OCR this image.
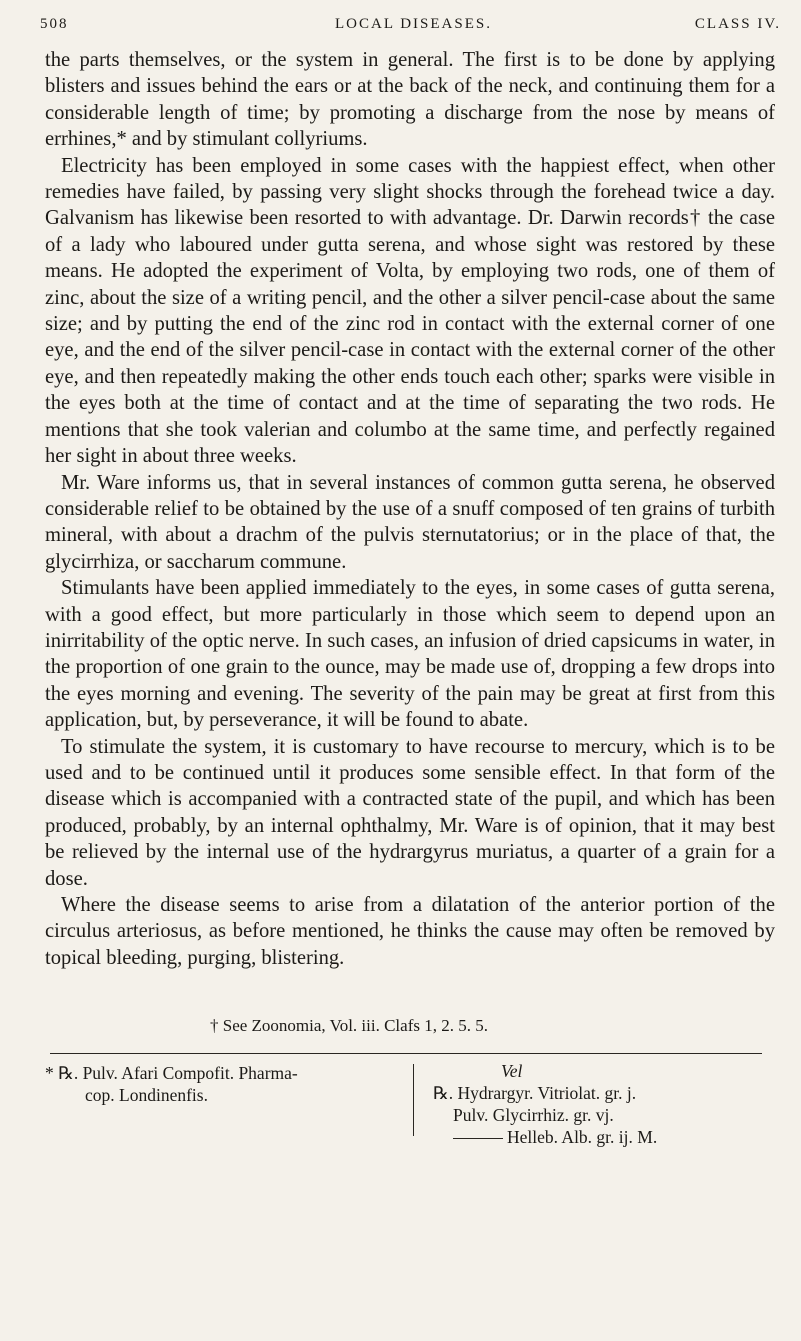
508	LOCAL DISEASES.	CLASS IV.

the parts themselves, or the system in general. The first is to be done by applying blisters and issues behind the ears or at the back of the neck, and continuing them for a considerable length of time; by promoting a discharge from the nose by means of errhines,* and by stimulant collyriums.

Electricity has been employed in some cases with the happiest effect, when other remedies have failed, by passing very slight shocks through the forehead twice a day. Galvanism has likewise been resorted to with advantage. Dr. Darwin records† the case of a lady who laboured under gutta serena, and whose sight was restored by these means. He adopted the experiment of Volta, by employing two rods, one of them of zinc, about the size of a writing pencil, and the other a silver pencil-case about the same size; and by putting the end of the zinc rod in contact with the external corner of one eye, and the end of the silver pencil-case in contact with the external corner of the other eye, and then repeatedly making the other ends touch each other; sparks were visible in the eyes both at the time of contact and at the time of separating the two rods. He mentions that she took valerian and columbo at the same time, and perfectly regained her sight in about three weeks.

Mr. Ware informs us, that in several instances of common gutta serena, he observed considerable relief to be obtained by the use of a snuff composed of ten grains of turbith mineral, with about a drachm of the pulvis sternutatorius; or in the place of that, the glycirrhiza, or saccharum commune.

Stimulants have been applied immediately to the eyes, in some cases of gutta serena, with a good effect, but more particularly in those which seem to depend upon an inirritability of the optic nerve. In such cases, an infusion of dried capsicums in water, in the proportion of one grain to the ounce, may be made use of, dropping a few drops into the eyes morning and evening. The severity of the pain may be great at first from this application, but, by perseverance, it will be found to abate.

To stimulate the system, it is customary to have recourse to mercury, which is to be used and to be continued until it produces some sensible effect. In that form of the disease which is accompanied with a contracted state of the pupil, and which has been produced, probably, by an internal ophthalmy, Mr. Ware is of opinion, that it may best be relieved by the internal use of the hydrargyrus muriatus, a quarter of a grain for a dose.

Where the disease seems to arise from a dilatation of the anterior portion of the circulus arteriosus, as before mentioned, he thinks the cause may often be removed by topical bleeding, purging, blistering.

† See Zoonomia, Vol. iii. Clafs 1, 2. 5. 5.
* ℞. Pulv. Afari Compofit. Pharma-
cop. Londinenfis.
Vel
℞. Hydrargyr. Vitriolat. gr. j.
Pulv. Glycirrhiz. gr. vj.
Helleb. Alb. gr. ij. M.
